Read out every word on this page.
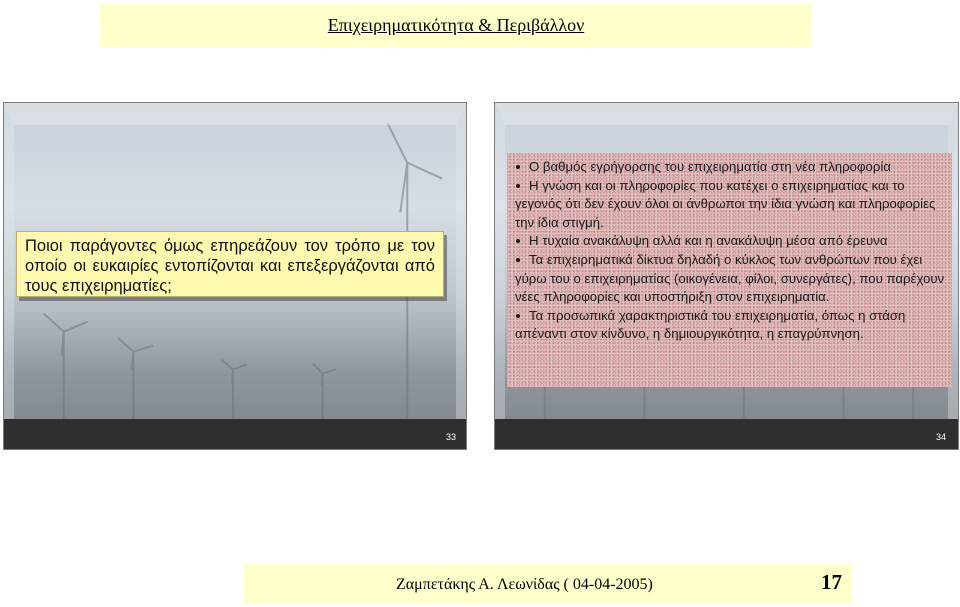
Επιχειρηματικότητα & Περιβάλλον

Ποιοι παράγοντες όμως επηρεάζουν τον τρόπο με τον οποίο οι ευκαιρίες εντοπίζονται και επεξεργάζονται από τους επιχειρηματίες;

33
Ο βαθμός εγρήγορσης του επιχειρηματία στη νέα πληροφορία
Η γνώση και οι πληροφορίες που κατέχει ο επιχειρηματίας και το γεγονός ότι δεν έχουν όλοι οι άνθρωποι την ίδια γνώση και πληροφορίες την ίδια στιγμή.
Η τυχαία ανακάλυψη αλλά και η ανακάλυψη μέσα από έρευνα
Τα επιχειρηματικά δίκτυα δηλαδή ο κύκλος των ανθρώπων που έχει γύρω του ο επιχειρηματίας (οικογένεια, φίλοι, συνεργάτες), που παρέχουν νέες πληροφορίες και υποστήριξη στον επιχειρηματία.
Τα προσωπικά χαρακτηριστικά του επιχειρηματία, όπως η στάση απέναντι στον κίνδυνο, η δημιουργικότητα, η επαγρύπνηση.
34
Ζαμπετάκης Α. Λεωνίδας ( 04-04-2005)	17
